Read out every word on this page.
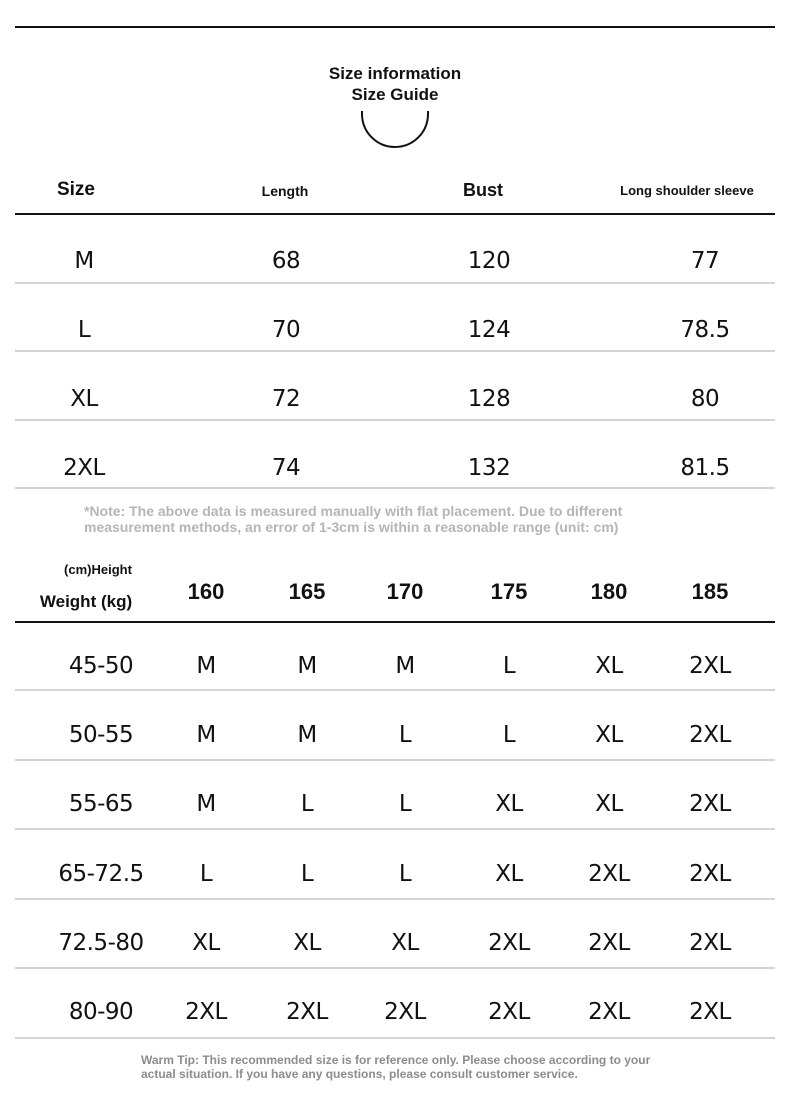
Size information
Size Guide
Size	Length	Bust	Long shoulder sleeve
M	68	120	77
L	70	124	78.5
XL	72	128	80
2XL	74	132	81.5
*Note: The above data is measured manually with flat placement. Due to different
measurement methods, an error of 1-3cm is within a reasonable range (unit: cm)
(cm)Height
Weight (kg)	160	165	170	175	180	185
45-50	M	M	M	L	XL	2XL
50-55	M	M	L	L	XL	2XL
55-65	M	L	L	XL	XL	2XL
65-72.5 L	L	L	XL	2XL	2XL
72.5-80 XL	XL	XL	2XL	2XL	2XL
80-90 2XL	2XL 2XL	2XL	2XL	2XL
Warm Tip: This recommended size is for reference only. Please choose according to your
actual situation. If you have any questions, please consult customer service.
